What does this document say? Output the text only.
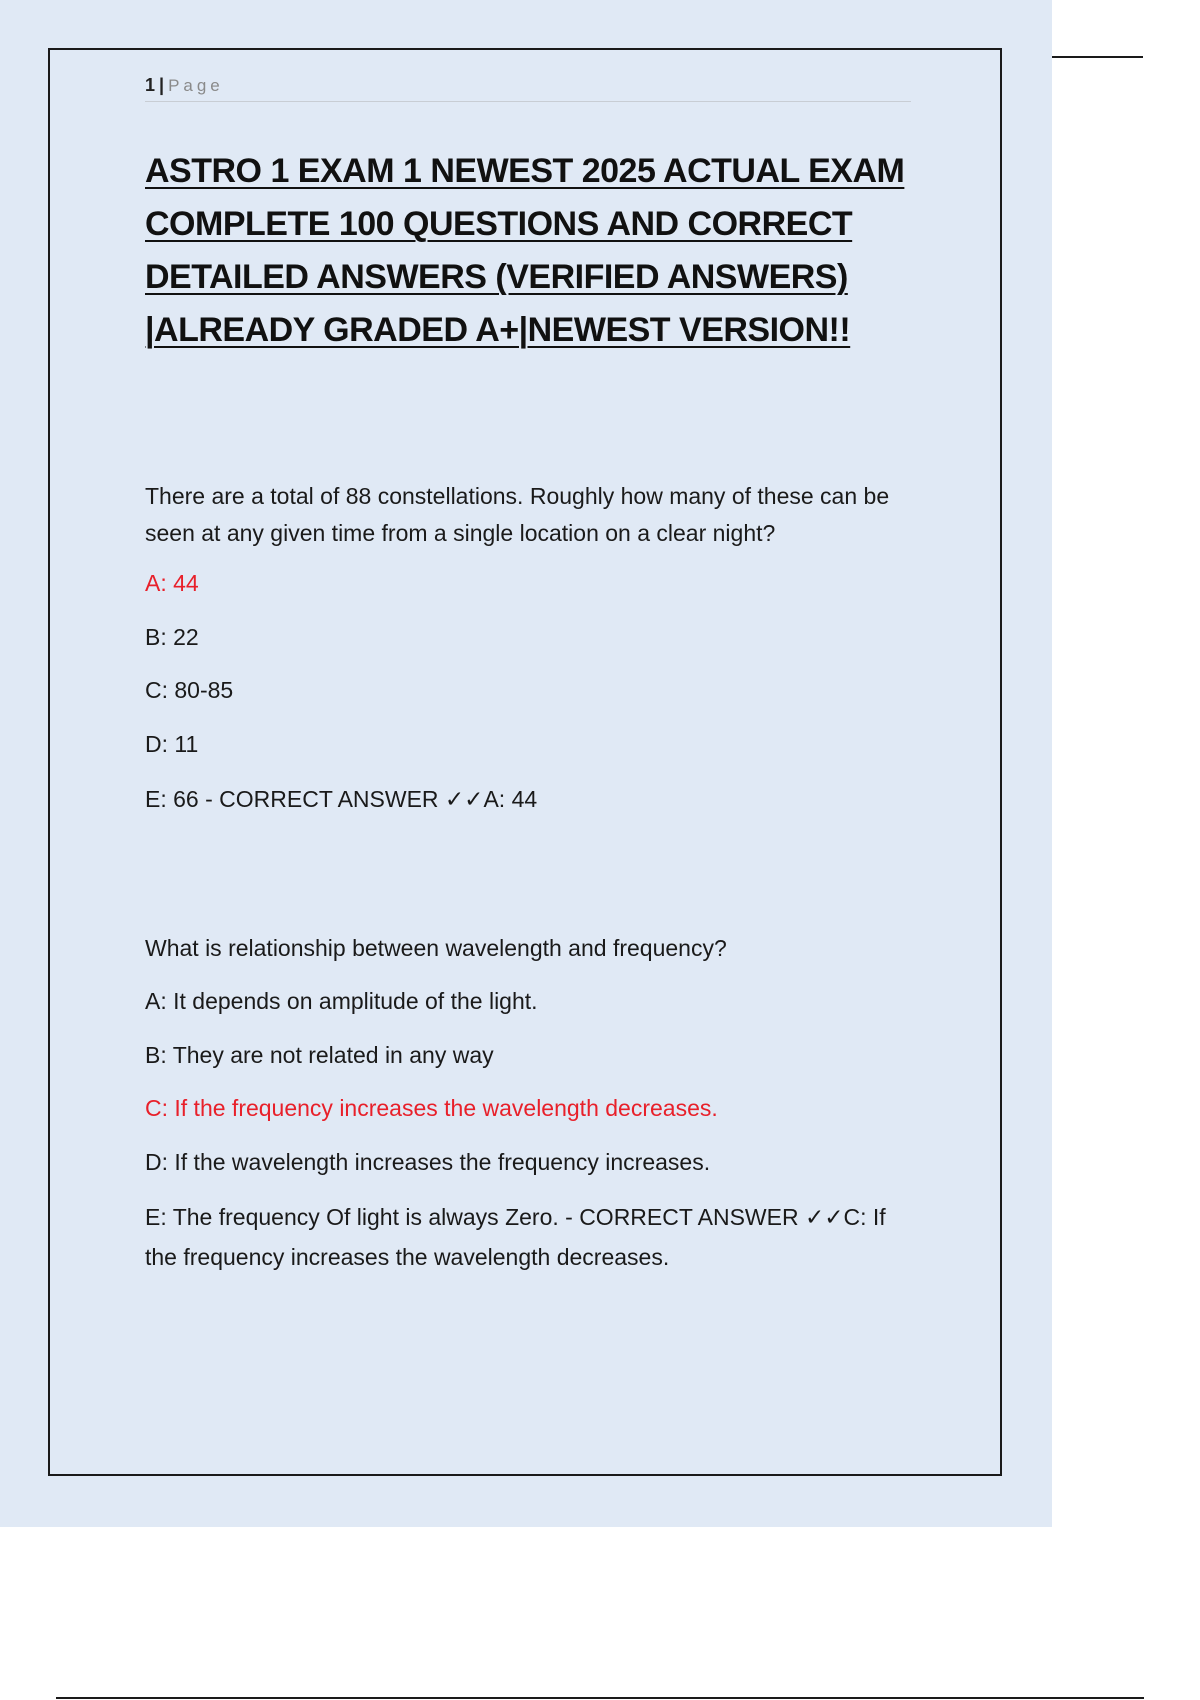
1 | Page
ASTRO 1 EXAM 1 NEWEST 2025 ACTUAL EXAM COMPLETE 100 QUESTIONS AND CORRECT DETAILED ANSWERS (VERIFIED ANSWERS) |ALREADY GRADED A+|NEWEST VERSION!!

There are a total of 88 constellations. Roughly how many of these can be seen at any given time from a single location on a clear night?

A: 44

B: 22

C: 80-85

D: 11

E: 66 - CORRECT ANSWER ✓✓A: 44

What is relationship between wavelength and frequency?

A: It depends on amplitude of the light.

B: They are not related in any way

C: If the frequency increases the wavelength decreases.

D: If the wavelength increases the frequency increases.

E: The frequency Of light is always Zero. - CORRECT ANSWER ✓✓C: If the frequency increases the wavelength decreases.
